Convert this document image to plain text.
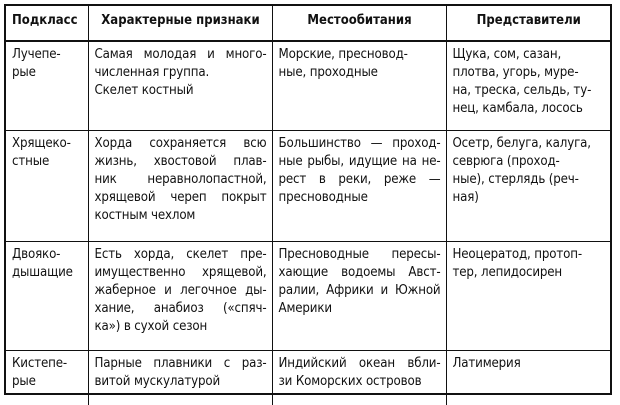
Подкласс	Характерные признаки	Местообитания	Представители

Лучепе-
рые	Самая молодая и много-
численная группа.
Скелет костный	Морские, пресновод-
ные, проходные	Щука, сом, сазан,
плотва, угорь, муре-
на, треска, сельдь, ту-
нец, камбала, лосось

Хрящеко-
стные	Хорда сохраняется всю
жизнь, хвостовой плав-
ник неравнолопастной,
хрящевой череп покрыт
костным чехлом	Большинство — проход-
ные рыбы, идущие на не-
рест в реки, реже —
пресноводные	Осетр, белуга, калуга,
севрюга (проход-
ные), стерлядь (реч-
ная)

Двояко-
дышащие	Есть хорда, скелет пре-
имущественно хрящевой,
жаберное и легочное ды-
хание, анабиоз («спяч-
ка») в сухой сезон	Пресноводные пересы-
хающие водоемы Авст-
ралии, Африки и Южной
Америки	Неоцератод, протоп-
тер, лепидосирен

Кистепе-
рые	Парные плавники с раз-
витой мускулатурой	Индийский океан вбли-
зи Коморских островов	Латимерия
